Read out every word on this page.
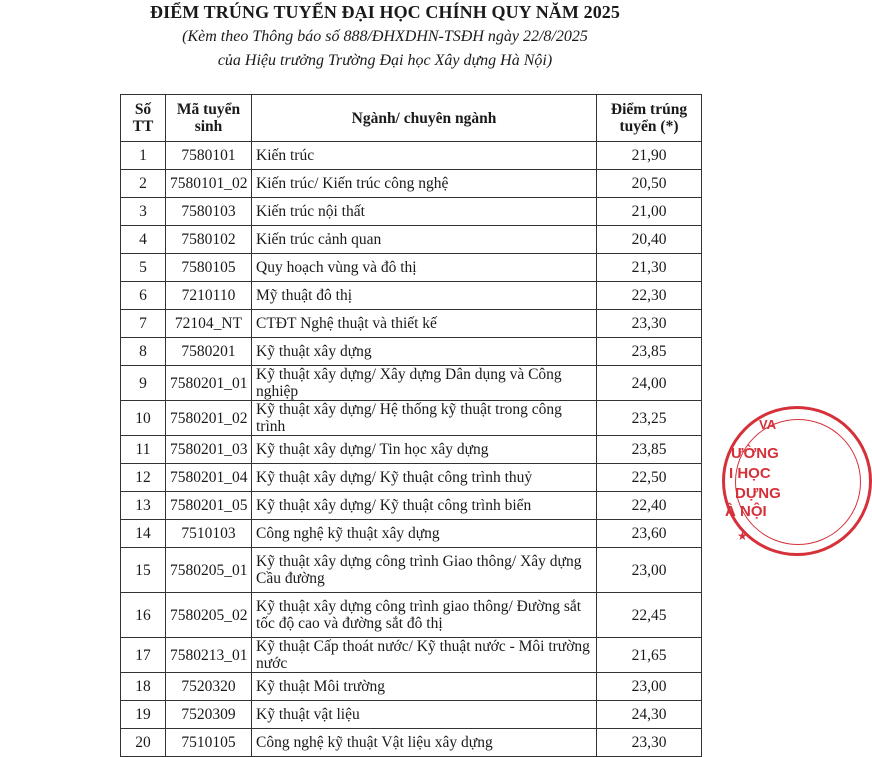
ĐIỂM TRÚNG TUYỂN ĐẠI HỌC CHÍNH QUY NĂM 2025
(Kèm theo Thông báo số 888/ĐHXDHN-TSĐH ngày 22/8/2025
của Hiệu trưởng Trường Đại học Xây dựng Hà Nội)
Số TT	Mã tuyển sinh	Ngành/ chuyên ngành	Điểm trúng tuyển (*)
1	7580101	Kiến trúc	21,90
2	7580101_02	Kiến trúc/ Kiến trúc công nghệ	20,50
3	7580103	Kiến trúc nội thất	21,00
4	7580102	Kiến trúc cảnh quan	20,40
5	7580105	Quy hoạch vùng và đô thị	21,30
6	7210110	Mỹ thuật đô thị	22,30
7	72104_NT	CTĐT Nghệ thuật và thiết kế	23,30
8	7580201	Kỹ thuật xây dựng	23,85
9	7580201_01	Kỹ thuật xây dựng/ Xây dựng Dân dụng và Công nghiệp	24,00
10	7580201_02	Kỹ thuật xây dựng/ Hệ thống kỹ thuật trong công trình	23,25
11	7580201_03	Kỹ thuật xây dựng/ Tin học xây dựng	23,85
12	7580201_04	Kỹ thuật xây dựng/ Kỹ thuật công trình thuỷ	22,50
13	7580201_05	Kỹ thuật xây dựng/ Kỹ thuật công trình biển	22,40
14	7510103	Công nghệ kỹ thuật xây dựng	23,60
15	7580205_01	Kỹ thuật xây dựng công trình Giao thông/ Xây dựng Cầu đường	23,00
16	7580205_02	Kỹ thuật xây dựng công trình giao thông/ Đường sắt tốc độ cao và đường sắt đô thị	22,45
17	7580213_01	Kỹ thuật Cấp thoát nước/ Kỹ thuật nước - Môi trường nước	21,65
18	7520320	Kỹ thuật Môi trường	23,00
19	7520309	Kỹ thuật vật liệu	24,30
20	7510105	Công nghệ kỹ thuật Vật liệu xây dựng	23,30
VA
ƯỜNG
I HỌC
DỰNG
À NỘI
★
